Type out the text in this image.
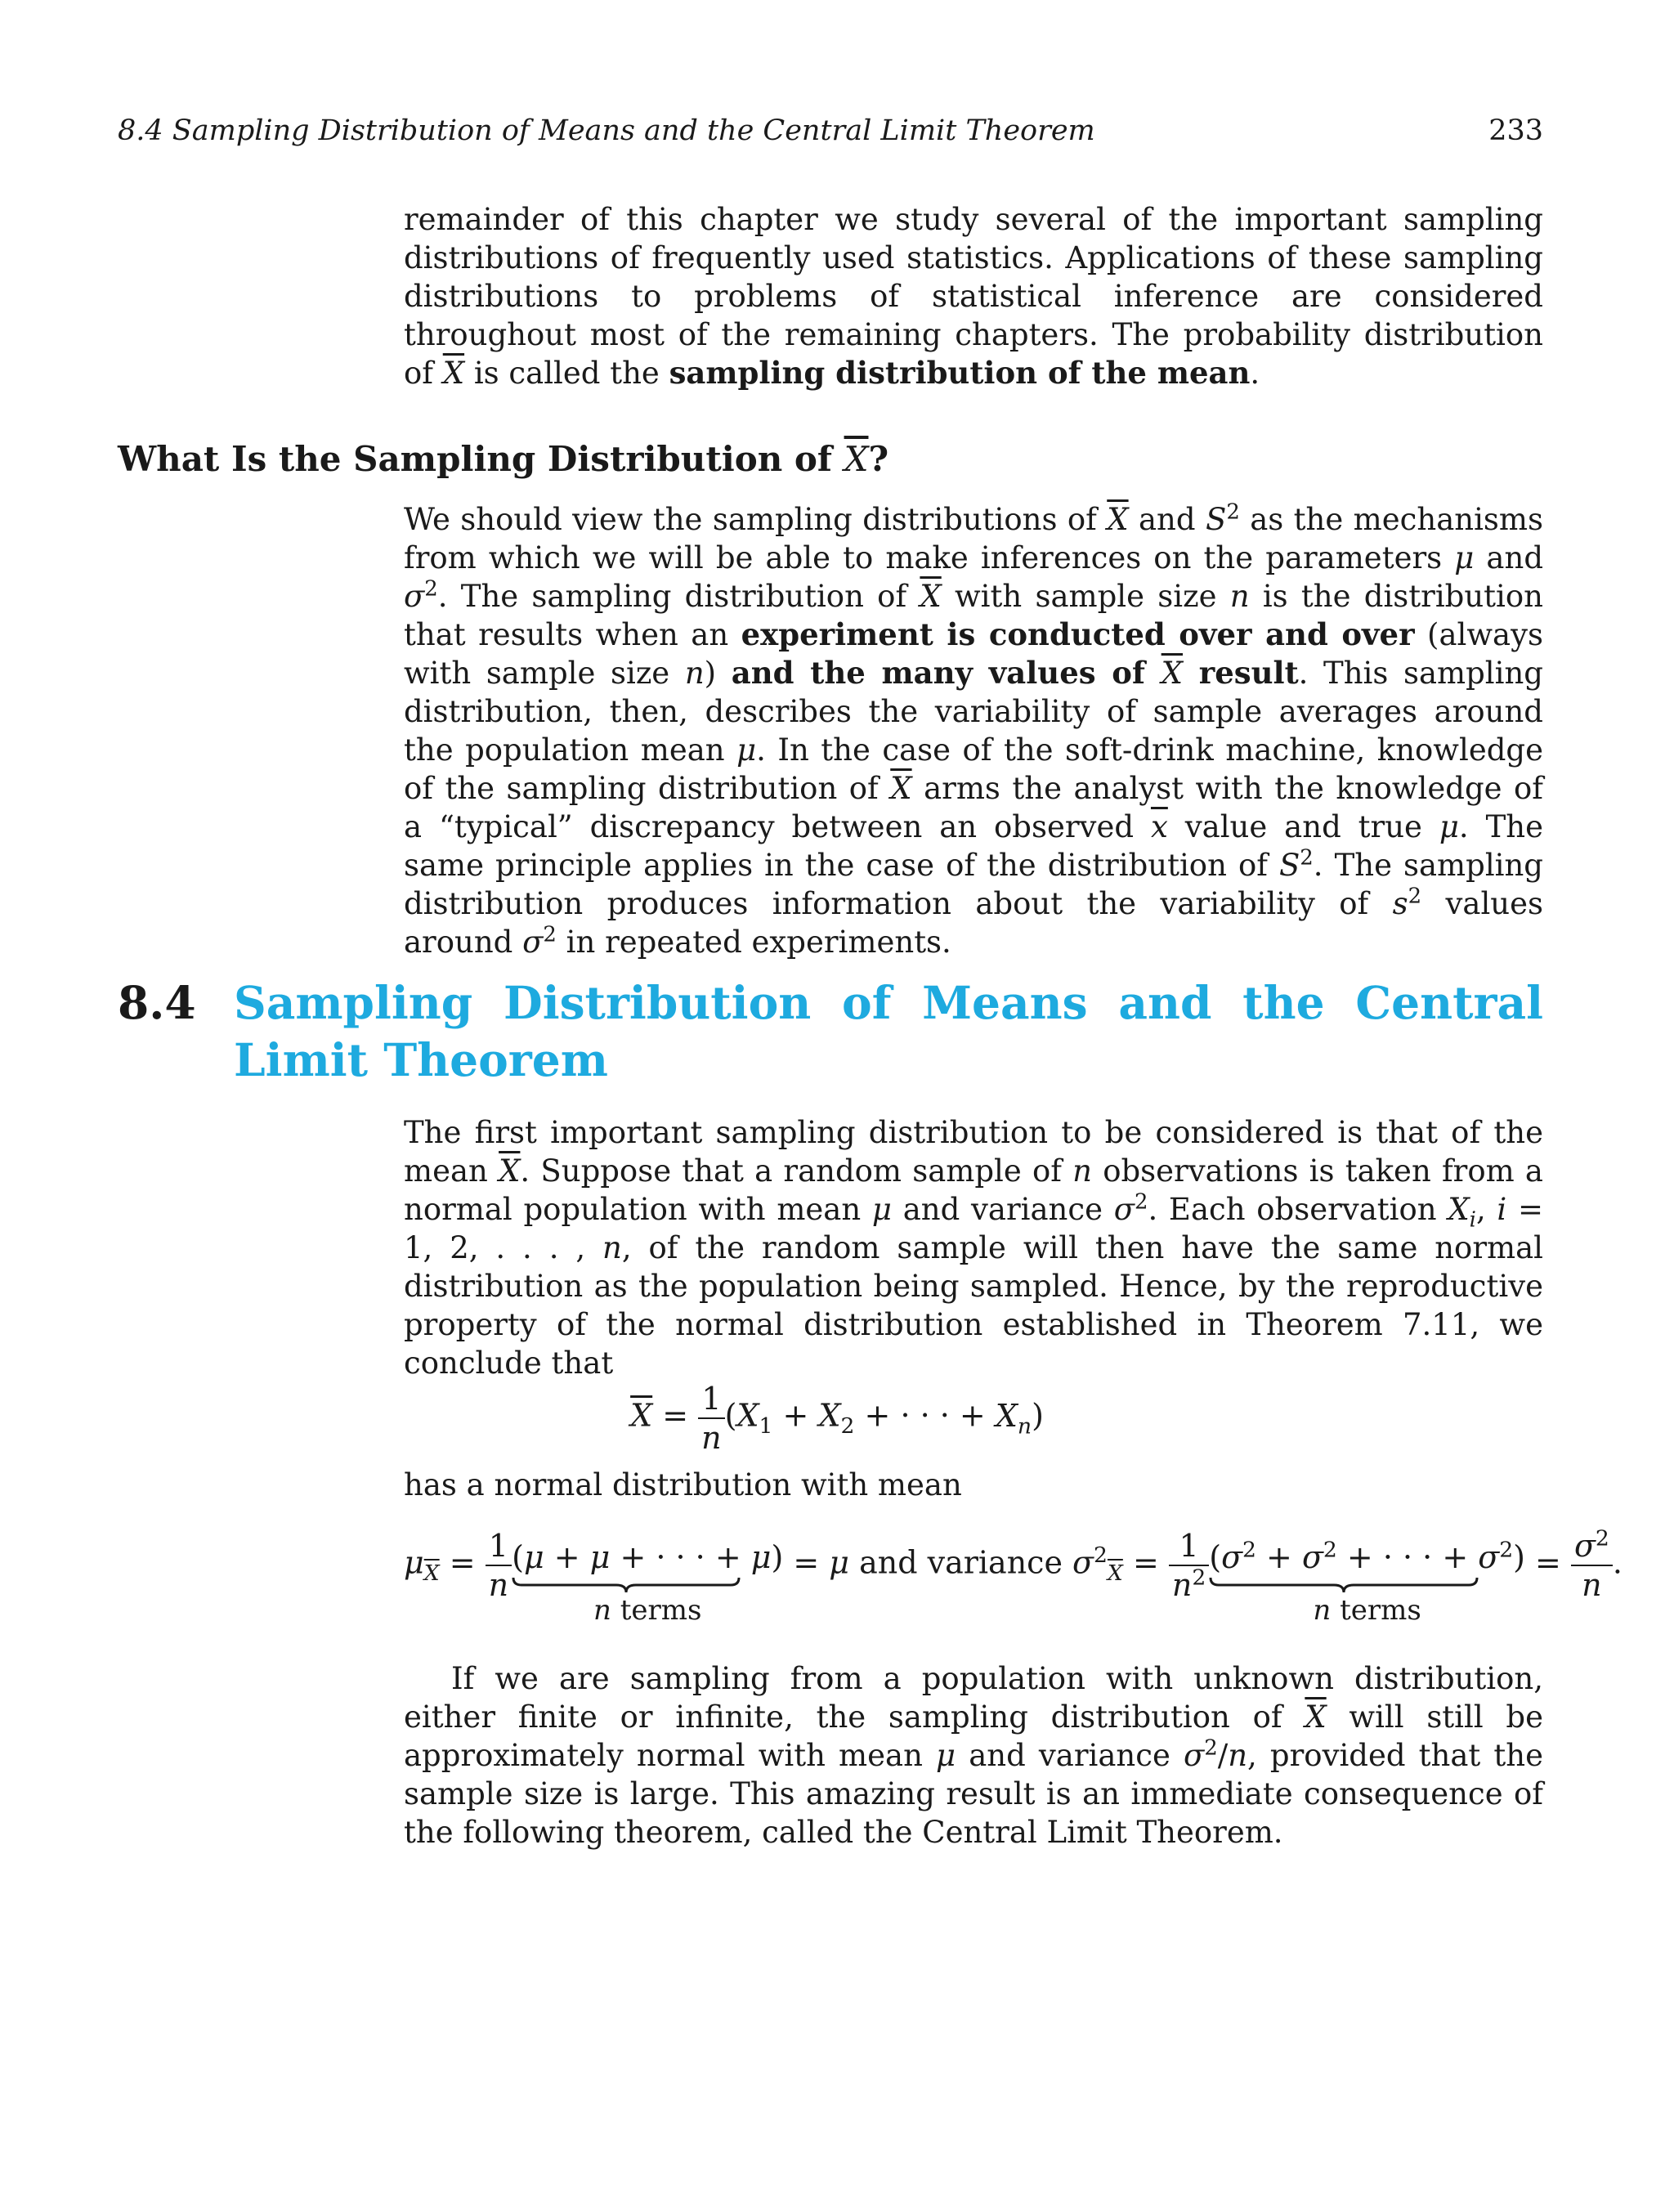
8.4 Sampling Distribution of Means and the Central Limit Theorem	233

remainder of this chapter we study several of the important sampling distributions of frequently used statistics. Applications of these sampling distributions to problems of statistical inference are considered throughout most of the remaining chapters. The probability distribution of $\overline{X}$ is called the sampling distribution of the mean.

What Is the Sampling Distribution of $\overline{X}$?

We should view the sampling distributions of $\overline{X}$ and $S^2$ as the mechanisms from which we will be able to make inferences on the parameters μ and $\sigma^2$. The sampling distribution of $\overline{X}$ with sample size n is the distribution that results when an experiment is conducted over and over (always with sample size n) and the many values of $\overline{X}$ result. This sampling distribution, then, describes the variability of sample averages around the population mean μ. In the case of the soft-drink machine, knowledge of the sampling distribution of $\overline{X}$ arms the analyst with the knowledge of a “typical” discrepancy between an observed $\overline{x}$ value and true μ. The same principle applies in the case of the distribution of $S^2$. The sampling distribution produces information about the variability of $s^2$ values around $\sigma^2$ in repeated experiments.

8.4 Sampling Distribution of Means and the Central Limit Theorem

The first important sampling distribution to be considered is that of the mean $\overline{X}$. Suppose that a random sample of n observations is taken from a normal population with mean μ and variance $\sigma^2$. Each observation $X_i$, i = 1, 2, . . . , n, of the random sample will then have the same normal distribution as the population being sampled. Hence, by the reproductive property of the normal distribution established in Theorem 7.11, we conclude that

$\overline{X} = \frac{1}{n} (X_1 + X_2$ + · · · + $X_n$)

has a normal distribution with mean

$\mu_{\overline{X}} = \frac{1}{n} (\mu + \mu$ + · · · + μ)
n terms
= μ and variance $\sigma^2_{\overline{X}} = \frac{1}{n^2} (\sigma^2 + \sigma^2$ + · · · + $\sigma^2$)
n terms
= $\frac{\sigma^2}{n}$ .

If we are sampling from a population with unknown distribution, either finite or infinite, the sampling distribution of $\overline{X}$ will still be approximately normal with mean μ and variance $\sigma^2/n$, provided that the sample size is large. This amazing result is an immediate consequence of the following theorem, called the Central Limit Theorem.
